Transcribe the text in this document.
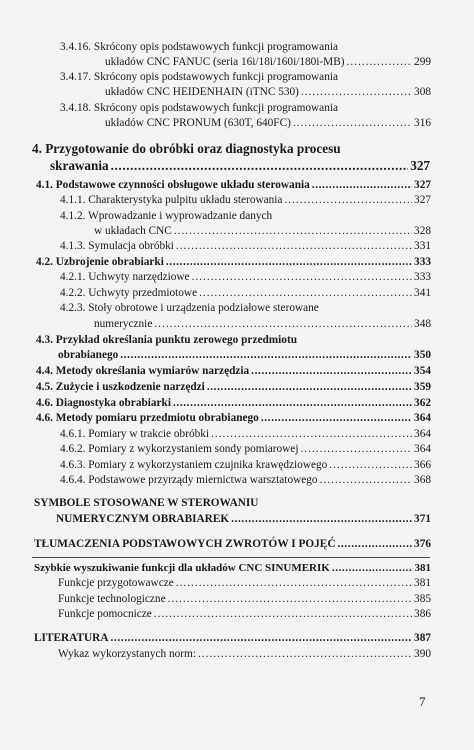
3.4.16. Skrócony opis podstawowych funkcji programowania
układów CNC FANUC (seria 16i/18i/160i/180i-MB) .....	299
3.4.17. Skrócony opis podstawowych funkcji programowania
układów CNC HEIDENHAIN (iTNC 530) .....	308
3.4.18. Skrócony opis podstawowych funkcji programowania
układów CNC PRONUM (630T, 640FC) .....	316
4. Przygotowanie do obróbki oraz diagnostyka procesu
skrawania .....	327
4.1. Podstawowe czynności obsługowe układu sterowania .....	327
4.1.1. Charakterystyka pulpitu układu sterowania .....	327
4.1.2. Wprowadzanie i wyprowadzanie danych
w układach CNC .....	328
4.1.3. Symulacja obróbki .....	331
4.2. Uzbrojenie obrabiarki .....	333
4.2.1. Uchwyty narzędziowe .....	333
4.2.2. Uchwyty przedmiotowe .....	341
4.2.3. Stoły obrotowe i urządzenia podziałowe sterowane
numerycznie .....	348
4.3. Przykład określania punktu zerowego przedmiotu
obrabianego .....	350
4.4. Metody określania wymiarów narzędzia .....	354
4.5. Zużycie i uszkodzenie narzędzi .....	359
4.6. Diagnostyka obrabiarki .....	362
4.6. Metody pomiaru przedmiotu obrabianego .....	364
4.6.1. Pomiary w trakcie obróbki .....	364
4.6.2. Pomiary z wykorzystaniem sondy pomiarowej .....	364
4.6.3. Pomiary z wykorzystaniem czujnika krawędziowego .....	366
4.6.4. Podstawowe przyrządy miernictwa warsztatowego .....	368
SYMBOLE STOSOWANE W STEROWANIU
NUMERYCZNYM OBRABIAREK .....	371
TŁUMACZENIA PODSTAWOWYCH ZWROTÓW I POJĘĆ .....	376
Szybkie wyszukiwanie funkcji dla układów CNC SINUMERIK .....	381
Funkcje przygotowawcze .....	381
Funkcje technologiczne .....	385
Funkcje pomocnicze .....	386
LITERATURA .....	387
Wykaz wykorzystanych norm: .....	390
7
